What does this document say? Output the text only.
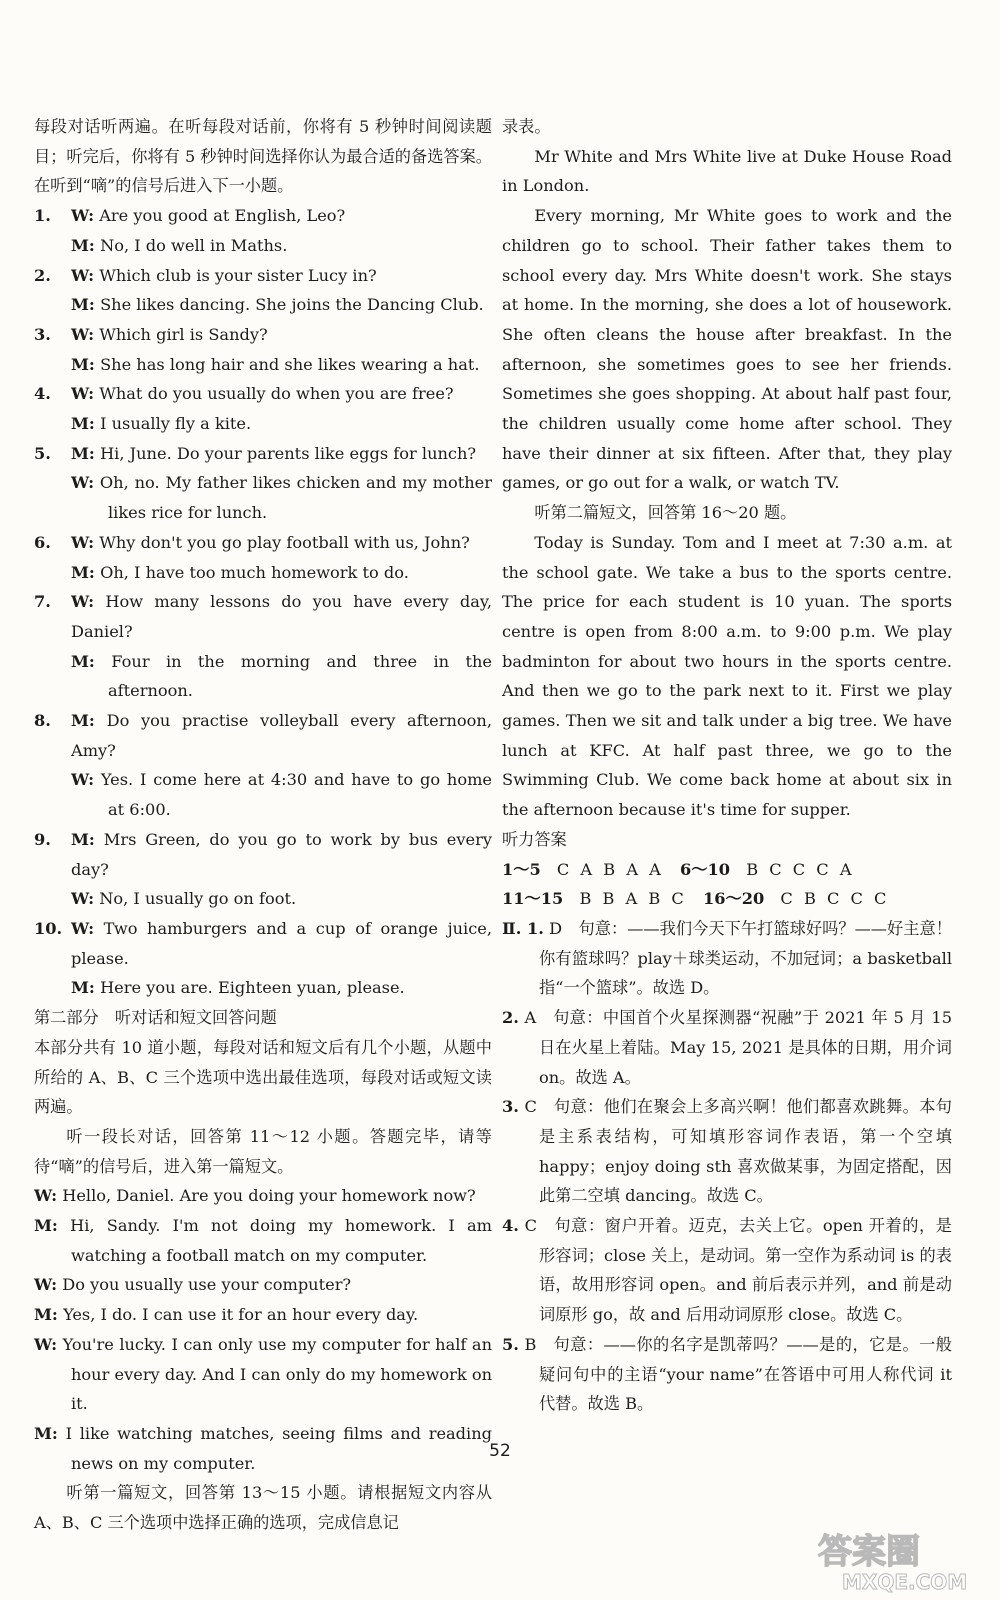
每段对话听两遍。在听每段对话前，你将有 5 秒钟时间阅读题目；听完后，你将有 5 秒钟时间选择你认为最合适的备选答案。在听到“嘀”的信号后进入下一小题。

1. W: Are you good at English, Leo?

M: No, I do well in Maths.

2. W: Which club is your sister Lucy in?

M: She likes dancing. She joins the Dancing Club.

3. W: Which girl is Sandy?

M: She has long hair and she likes wearing a hat.

4. W: What do you usually do when you are free?

M: I usually fly a kite.

5. M: Hi, June. Do your parents like eggs for lunch?

W: Oh, no. My father likes chicken and my mother likes rice for lunch.

6. W: Why don't you go play football with us, John?

M: Oh, I have too much homework to do.

7. W: How many lessons do you have every day, Daniel?

M: Four in the morning and three in the afternoon.

8. M: Do you practise volleyball every afternoon, Amy?

W: Yes. I come here at 4:30 and have to go home at 6:00.

9. M: Mrs Green, do you go to work by bus every day?

W: No, I usually go on foot.

10. W: Two hamburgers and a cup of orange juice, please.

M: Here you are. Eighteen yuan, please.

第二部分　听对话和短文回答问题

本部分共有 10 道小题，每段对话和短文后有几个小题，从题中所给的 A、B、C 三个选项中选出最佳选项，每段对话或短文读两遍。

听一段长对话，回答第 11～12 小题。答题完毕，请等待“嘀”的信号后，进入第一篇短文。

W: Hello, Daniel. Are you doing your homework now?

M: Hi, Sandy. I'm not doing my homework. I am watching a football match on my computer.

W: Do you usually use your computer?

M: Yes, I do. I can use it for an hour every day.

W: You're lucky. I can only use my computer for half an hour every day. And I can only do my homework on it.

M: I like watching matches, seeing films and reading news on my computer.

听第一篇短文，回答第 13～15 小题。请根据短文内容从 A、B、C 三个选项中选择正确的选项，完成信息记

录表。

Mr White and Mrs White live at Duke House Road in London.

Every morning, Mr White goes to work and the children go to school. Their father takes them to school every day. Mrs White doesn't work. She stays at home. In the morning, she does a lot of housework. She often cleans the house after breakfast. In the afternoon, she sometimes goes to see her friends. Sometimes she goes shopping. At about half past four, the children usually come home after school. They have their dinner at six fifteen. After that, they play games, or go out for a walk, or watch TV.

听第二篇短文，回答第 16～20 题。

Today is Sunday. Tom and I meet at 7:30 a.m. at the school gate. We take a bus to the sports centre. The price for each student is 10 yuan. The sports centre is open from 8:00 a.m. to 9:00 p.m. We play badminton for about two hours in the sports centre. And then we go to the park next to it. First we play games. Then we sit and talk under a big tree. We have lunch at KFC. At half past three, we go to the Swimming Club. We come back home at about six in the afternoon because it's time for supper.

听力答案

1～5　 C A B A A　 6～10　 B C C C A

11～15　 B B A B C　 16～20　 C B C C C

Ⅱ. 1. D　句意：——我们今天下午打篮球好吗？——好主意！你有篮球吗？play＋球类运动，不加冠词；a basketball 指“一个篮球”。故选 D。

2. A　句意：中国首个火星探测器“祝融”于 2021 年 5 月 15 日在火星上着陆。May 15, 2021 是具体的日期，用介词 on。故选 A。

3. C　句意：他们在聚会上多高兴啊！他们都喜欢跳舞。本句是主系表结构，可知填形容词作表语，第一个空填 happy；enjoy doing sth 喜欢做某事，为固定搭配，因此第二空填 dancing。故选 C。

4. C　句意：窗户开着。迈克，去关上它。open 开着的，是形容词；close 关上，是动词。第一空作为系动词 is 的表语，故用形容词 open。and 前后表示并列，and 前是动词原形 go，故 and 后用动词原形 close。故选 C。

5. B　句意：——你的名字是凯蒂吗？——是的，它是。一般疑问句中的主语“your name”在答语中可用人称代词 it 代替。故选 B。

52
答案圈
MXQE.COM
